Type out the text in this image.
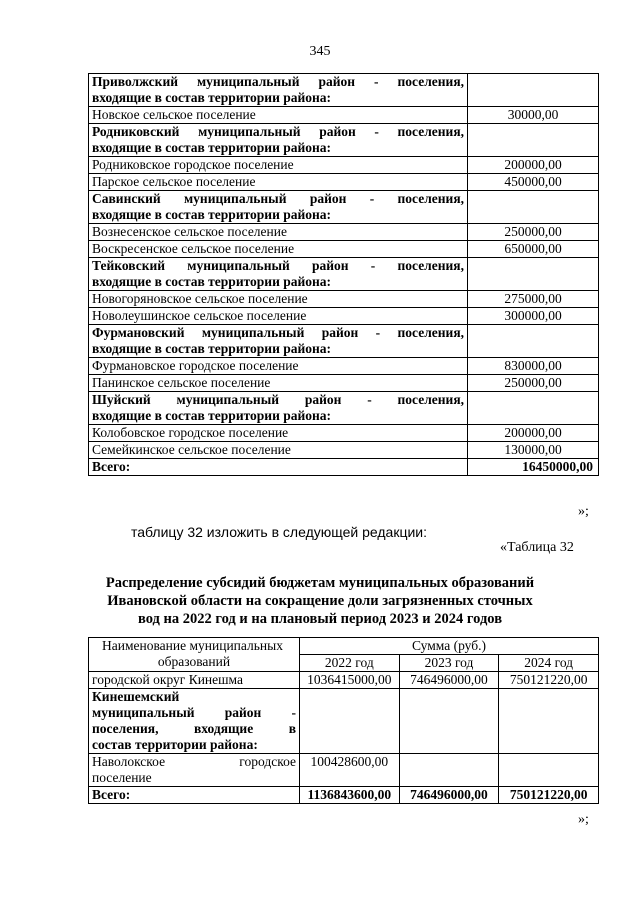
345
Приволжский муниципальный район - поселения,
входящие в состав территории района:	

Новское сельское поселение	30000,00

Родниковский муниципальный район - поселения,
входящие в состав территории района:	

Родниковское городское поселение	200000,00
Парское сельское поселение	450000,00

Савинский муниципальный район - поселения,
входящие в состав территории района:	

Вознесенское сельское поселение	250000,00
Воскресенское сельское поселение	650000,00

Тейковский муниципальный район - поселения,
входящие в состав территории района:	

Новогоряновское сельское поселение	275000,00
Новолеушинское сельское поселение	300000,00

Фурмановский муниципальный район - поселения,
входящие в состав территории района:	

Фурмановское городское поселение	830000,00
Панинское сельское поселение	250000,00

Шуйский муниципальный район - поселения,
входящие в состав территории района:	

Колобовское городское поселение	200000,00
Семейкинское сельское поселение	130000,00
Всего:	16450000,00
»;
таблицу 32 изложить в следующей редакции:
«Таблица 32
Распределение субсидий бюджетам муниципальных образований
Ивановской области на сокращение доли загрязненных сточных
вод на 2022 год и на плановый период 2023 и 2024 годов
Наименование муниципальных
образований	Сумма (руб.)		
	2022 год	2023 год	2024 год
городской округ Кинешма	1036415000,00	746496000,00	750121220,00

Кинешемский
муниципальный район -
поселения, входящие в
состав территории района:			

Наволокское городское
поселение	100428600,00		
Всего:	1136843600,00	746496000,00	750121220,00
»;
